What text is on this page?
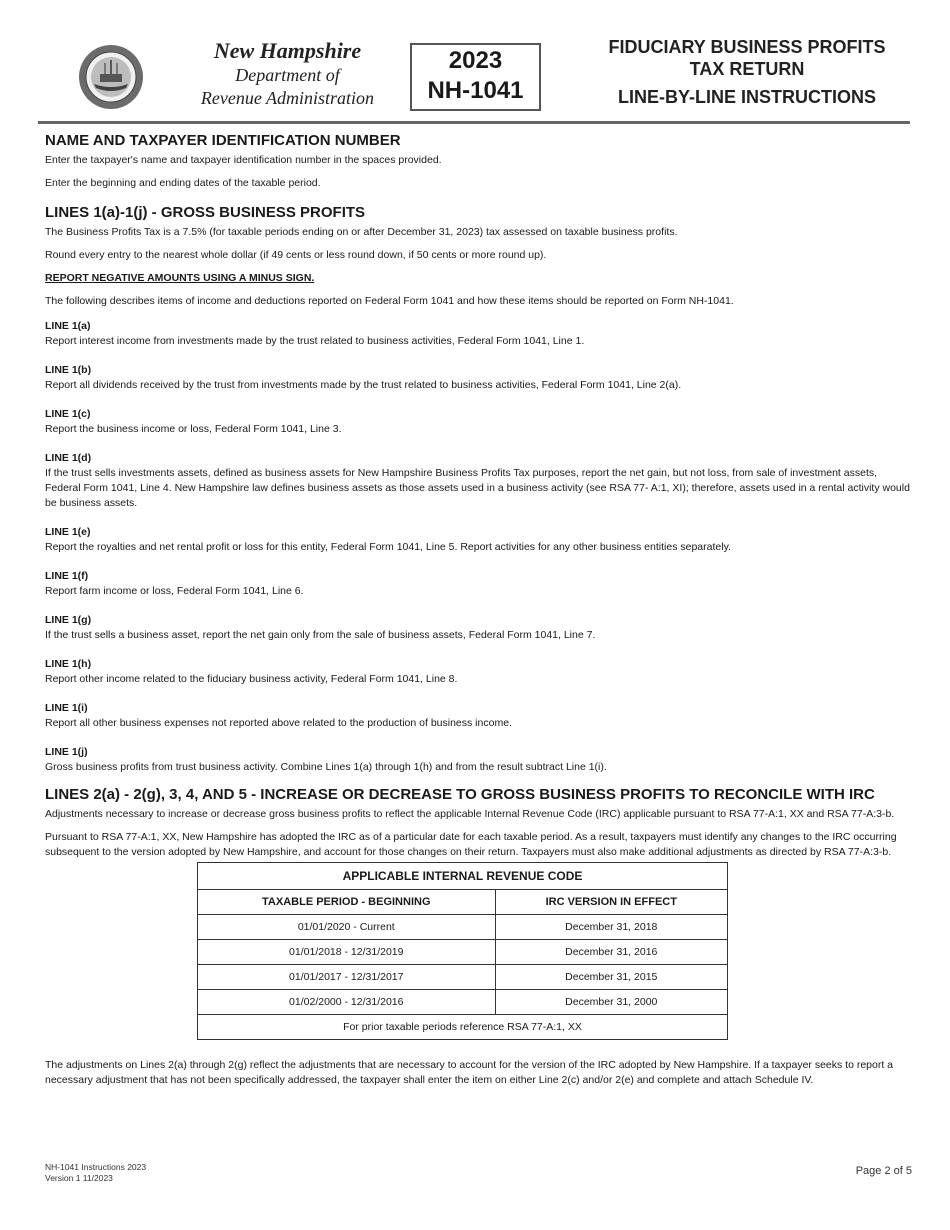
New Hampshire
Department of
Revenue Administration
2023
NH-1041
FIDUCIARY BUSINESS PROFITS
TAX RETURN
LINE-BY-LINE INSTRUCTIONS
NAME AND TAXPAYER IDENTIFICATION NUMBER

Enter the taxpayer's name and taxpayer identification number in the spaces provided.

Enter the beginning and ending dates of the taxable period.

LINES 1(a)-1(j) - GROSS BUSINESS PROFITS

The Business Profits Tax is a 7.5% (for taxable periods ending on or after December 31, 2023) tax assessed on taxable business profits.

Round every entry to the nearest whole dollar (if 49 cents or less round down, if 50 cents or more round up).

REPORT NEGATIVE AMOUNTS USING A MINUS SIGN.

The following describes items of income and deductions reported on Federal Form 1041 and how these items should be reported on Form NH-1041.

LINE 1(a)

Report interest income from investments made by the trust related to business activities, Federal Form 1041, Line 1.

LINE 1(b)

Report all dividends received by the trust from investments made by the trust related to business activities, Federal Form 1041, Line 2(a).

LINE 1(c)

Report the business income or loss, Federal Form 1041, Line 3.

LINE 1(d)

If the trust sells investments assets, defined as business assets for New Hampshire Business Profits Tax purposes, report the net gain, but not loss, from sale of investment assets, Federal Form 1041, Line 4. New Hampshire law defines business assets as those assets used in a business activity (see RSA 77- A:1, XI); therefore, assets used in a rental activity would be business assets.

LINE 1(e)

Report the royalties and net rental profit or loss for this entity, Federal Form 1041, Line 5. Report activities for any other business entities separately.

LINE 1(f)

Report farm income or loss, Federal Form 1041, Line 6.

LINE 1(g)

If the trust sells a business asset, report the net gain only from the sale of business assets, Federal Form 1041, Line 7.

LINE 1(h)

Report other income related to the fiduciary business activity, Federal Form 1041, Line 8.

LINE 1(i)

Report all other business expenses not reported above related to the production of business income.

LINE 1(j)

Gross business profits from trust business activity. Combine Lines 1(a) through 1(h) and from the result subtract Line 1(i).

LINES 2(a) - 2(g), 3, 4, AND 5 - INCREASE OR DECREASE TO GROSS BUSINESS PROFITS TO RECONCILE WITH IRC

Adjustments necessary to increase or decrease gross business profits to reflect the applicable Internal Revenue Code (IRC) applicable pursuant to RSA 77-A:1, XX and RSA 77-A:3-b.

Pursuant to RSA 77-A:1, XX, New Hampshire has adopted the IRC as of a particular date for each taxable period. As a result, taxpayers must identify any changes to the IRC occurring subsequent to the version adopted by New Hampshire, and account for those changes on their return. Taxpayers must also make additional adjustments as directed by RSA 77-A:3-b.

APPLICABLE INTERNAL REVENUE CODE	
TAXABLE PERIOD - BEGINNING	IRC VERSION IN EFFECT
01/01/2020 - Current	December 31, 2018
01/01/2018 - 12/31/2019	December 31, 2016
01/01/2017 - 12/31/2017	December 31, 2015
01/02/2000 - 12/31/2016	December 31, 2000
For prior taxable periods reference RSA 77-A:1, XX	

The adjustments on Lines 2(a) through 2(g) reflect the adjustments that are necessary to account for the version of the IRC adopted by New Hampshire. If a taxpayer seeks to report a necessary adjustment that has not been specifically addressed, the taxpayer shall enter the item on either Line 2(c) and/or 2(e) and complete and attach Schedule IV.

NH-1041 Instructions 2023
Version 1 11/2023
Page 2 of 5
